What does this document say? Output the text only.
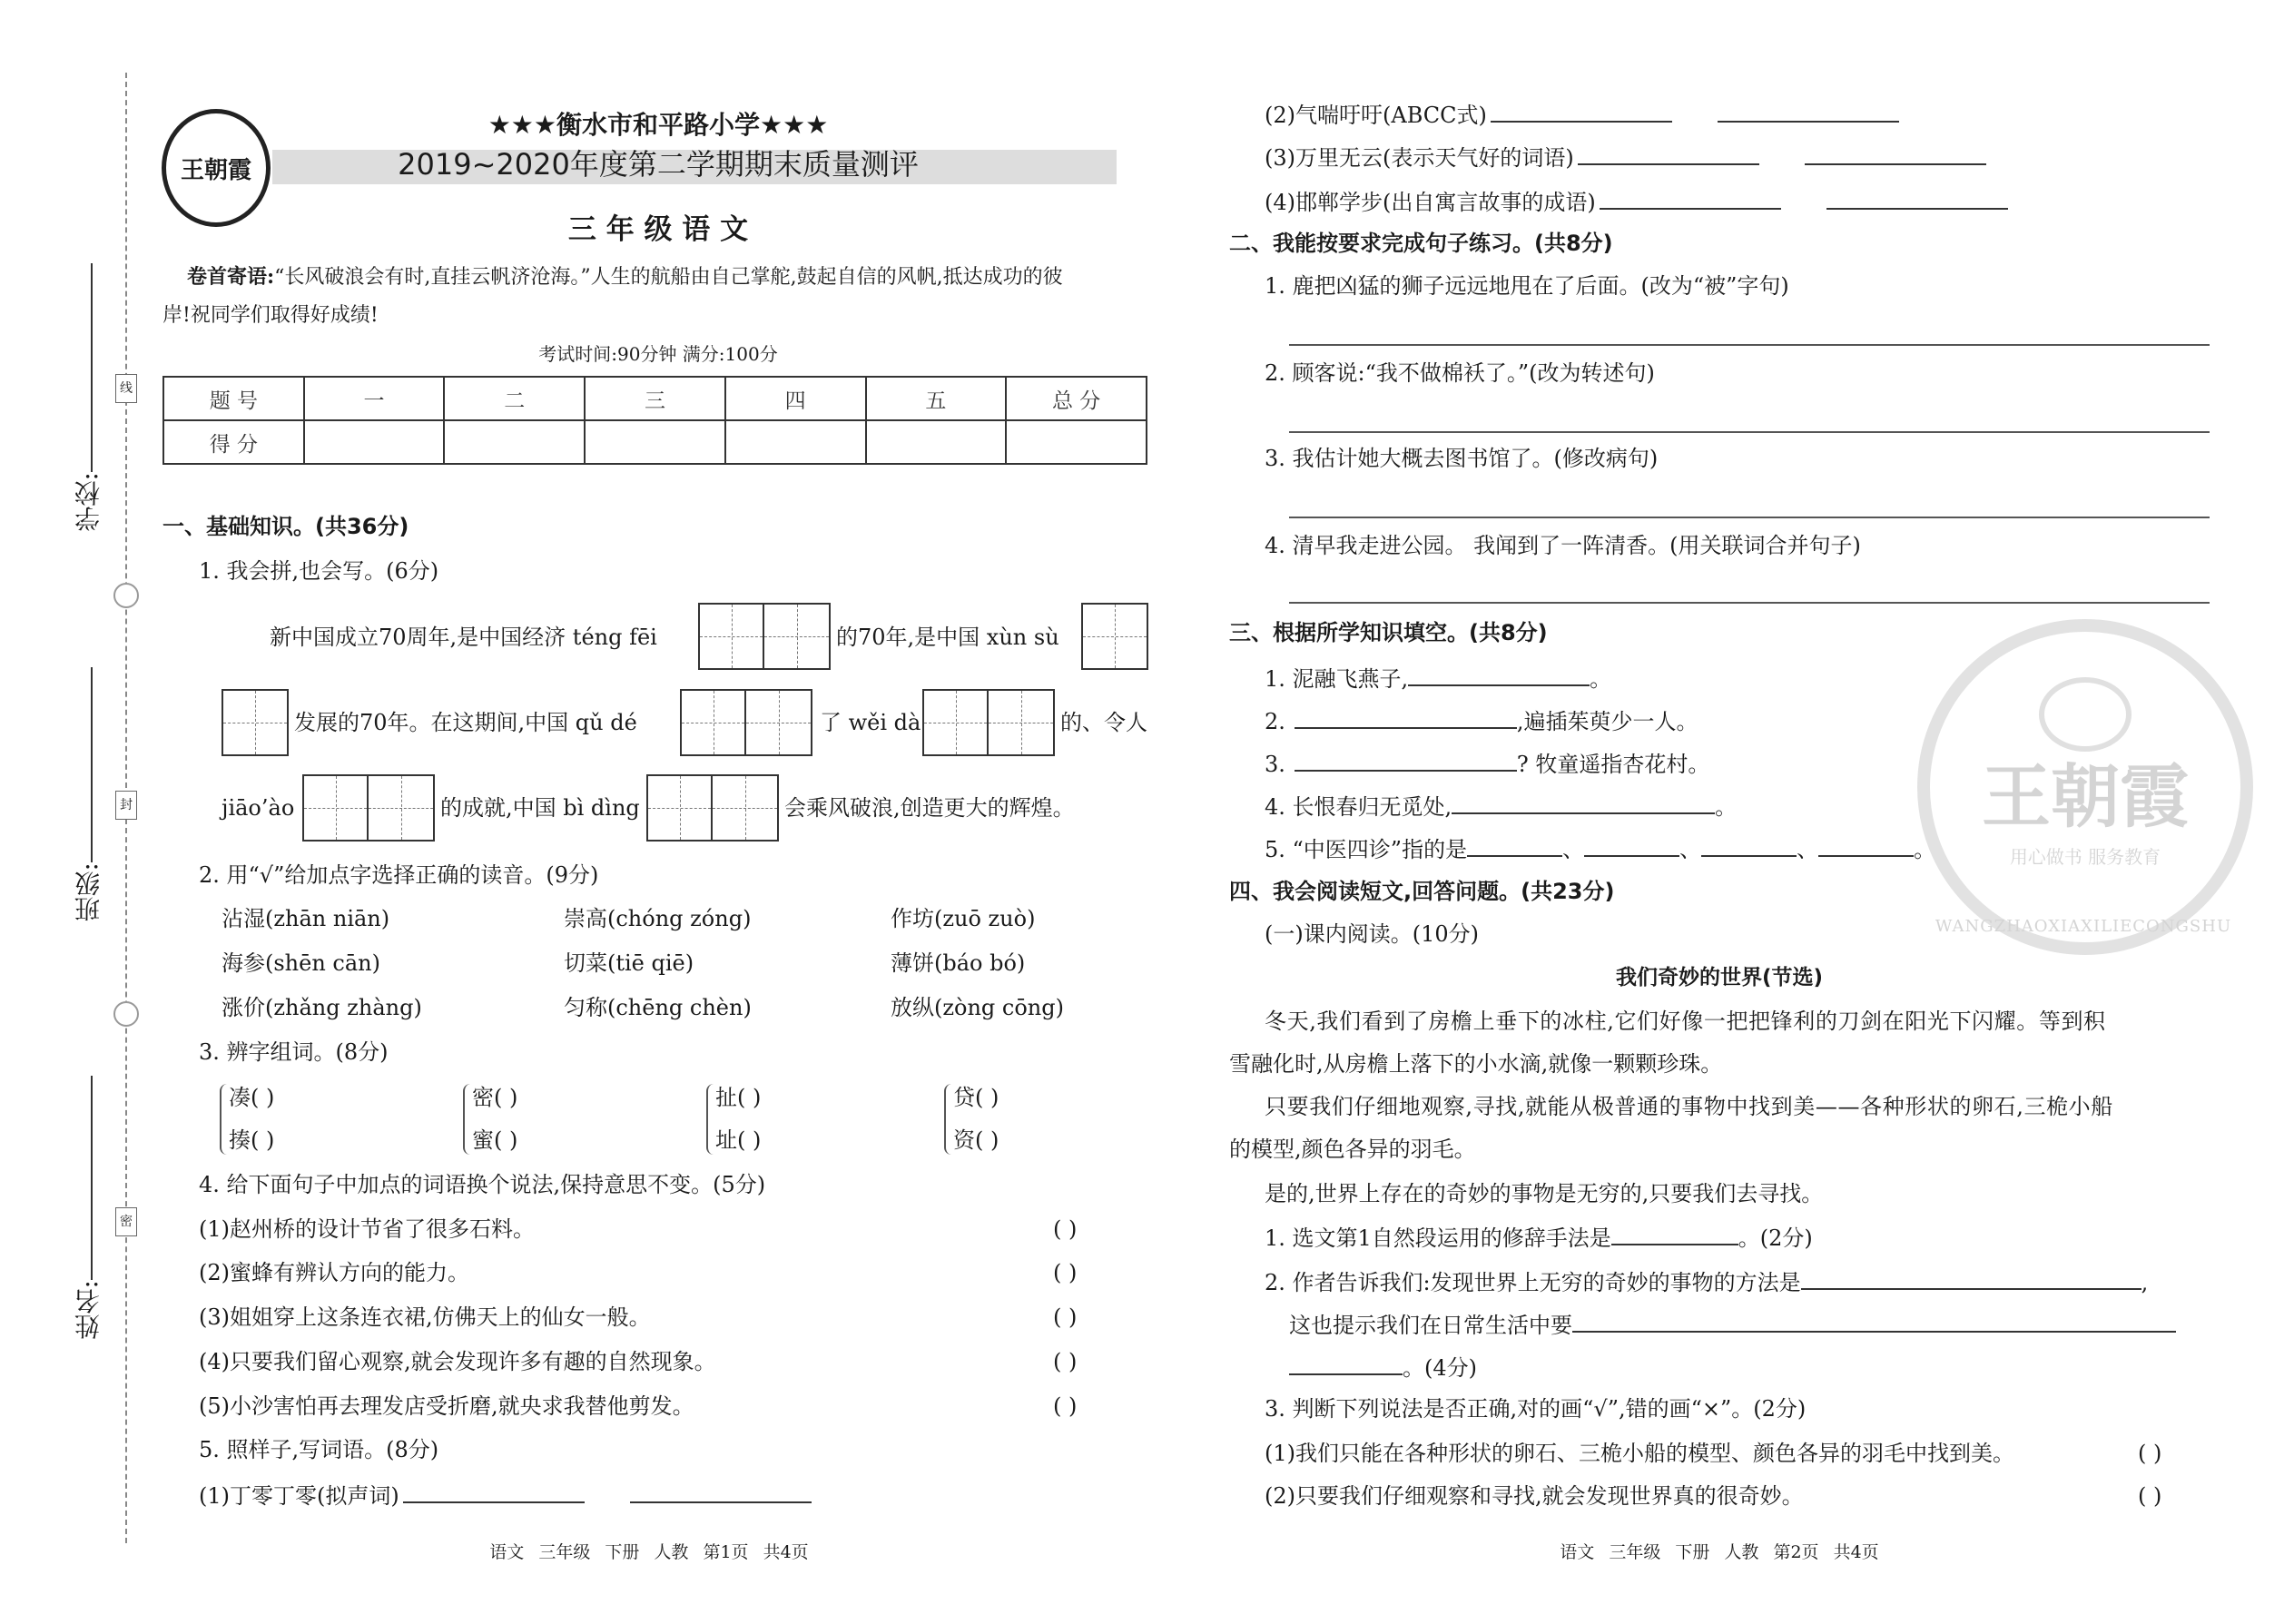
线
封
密
学校:
班级:
姓名:
王朝霞
★★★衡水市和平路小学★★★
2019~2020年度第二学期期末质量测评
三 年 级 语 文
卷首寄语:“长风破浪会有时,直挂云帆济沧海。”人生的航船由自己掌舵,鼓起自信的风帆,抵达成功的彼
岸!祝同学们取得好成绩!
考试时间:90分钟 满分:100分
题 号	一	二	三	四	五	总 分
得 分						
一、基础知识。(共36分)
1. 我会拼,也会写。(6分)
新中国成立70周年,是中国经济 téng fēi	的70年,是中国 xùn sù
发展的70年。在这期间,中国 qǔ dé	了 wěi dà	的、令人
jiāo’ào	的成就,中国 bì dìng	会乘风破浪,创造更大的辉煌。
2. 用“√”给加点字选择正确的读音。(9分)
沾湿(zhān niān)	崇高(chóng zóng)	作坊(zuō zuò)
海参(shēn cān)	切菜(tiē qiē)	薄饼(báo bó)
涨价(zhǎng zhàng)	匀称(chēng chèn)	放纵(zòng cōng)
3. 辨字组词。(8分)
凑( )
揍( )
密( )
蜜( )
扯( )
址( )
贷( )
资( )
4. 给下面句子中加点的词语换个说法,保持意思不变。(5分)
(1)赵州桥的设计节省了很多石料。	( )
(2)蜜蜂有辨认方向的能力。	( )
(3)姐姐穿上这条连衣裙,仿佛天上的仙女一般。	( )
(4)只要我们留心观察,就会发现许多有趣的自然现象。	( )
(5)小沙害怕再去理发店受折磨,就央求我替他剪发。	( )
5. 照样子,写词语。(8分)
(1)丁零丁零(拟声词)
语文 三年级 下册 人教 第1页 共4页
(2)气喘吁吁(ABCC式)
(3)万里无云(表示天气好的词语)
(4)邯郸学步(出自寓言故事的成语)
二、我能按要求完成句子练习。(共8分)
1. 鹿把凶猛的狮子远远地甩在了后面。(改为“被”字句)
2. 顾客说:“我不做棉袄了。”(改为转述句)
3. 我估计她大概去图书馆了。(修改病句)
4. 清早我走进公园。 我闻到了一阵清香。(用关联词合并句子)
王朝霞
用心做书 服务教育
WANGZHAOXIAXILIECONGSHU
三、根据所学知识填空。(共8分)
1. 泥融飞燕子,	。
2.	,遍插茱萸少一人。
3.	? 牧童遥指杏花村。
4. 长恨春归无觅处,	。
5. “中医四诊”指的是	、	、	、	。
四、我会阅读短文,回答问题。(共23分)
(一)课内阅读。(10分)
我们奇妙的世界(节选)
冬天,我们看到了房檐上垂下的冰柱,它们好像一把把锋利的刀剑在阳光下闪耀。等到积
雪融化时,从房檐上落下的小水滴,就像一颗颗珍珠。
只要我们仔细地观察,寻找,就能从极普通的事物中找到美——各种形状的卵石,三桅小船
的模型,颜色各异的羽毛。
是的,世界上存在的奇妙的事物是无穷的,只要我们去寻找。
1. 选文第1自然段运用的修辞手法是	。(2分)
2. 作者告诉我们:发现世界上无穷的奇妙的事物的方法是	,
这也提示我们在日常生活中要
。(4分)
3. 判断下列说法是否正确,对的画“√”,错的画“×”。(2分)
(1)我们只能在各种形状的卵石、三桅小船的模型、颜色各异的羽毛中找到美。	( )
(2)只要我们仔细观察和寻找,就会发现世界真的很奇妙。	( )
语文 三年级 下册 人教 第2页 共4页
